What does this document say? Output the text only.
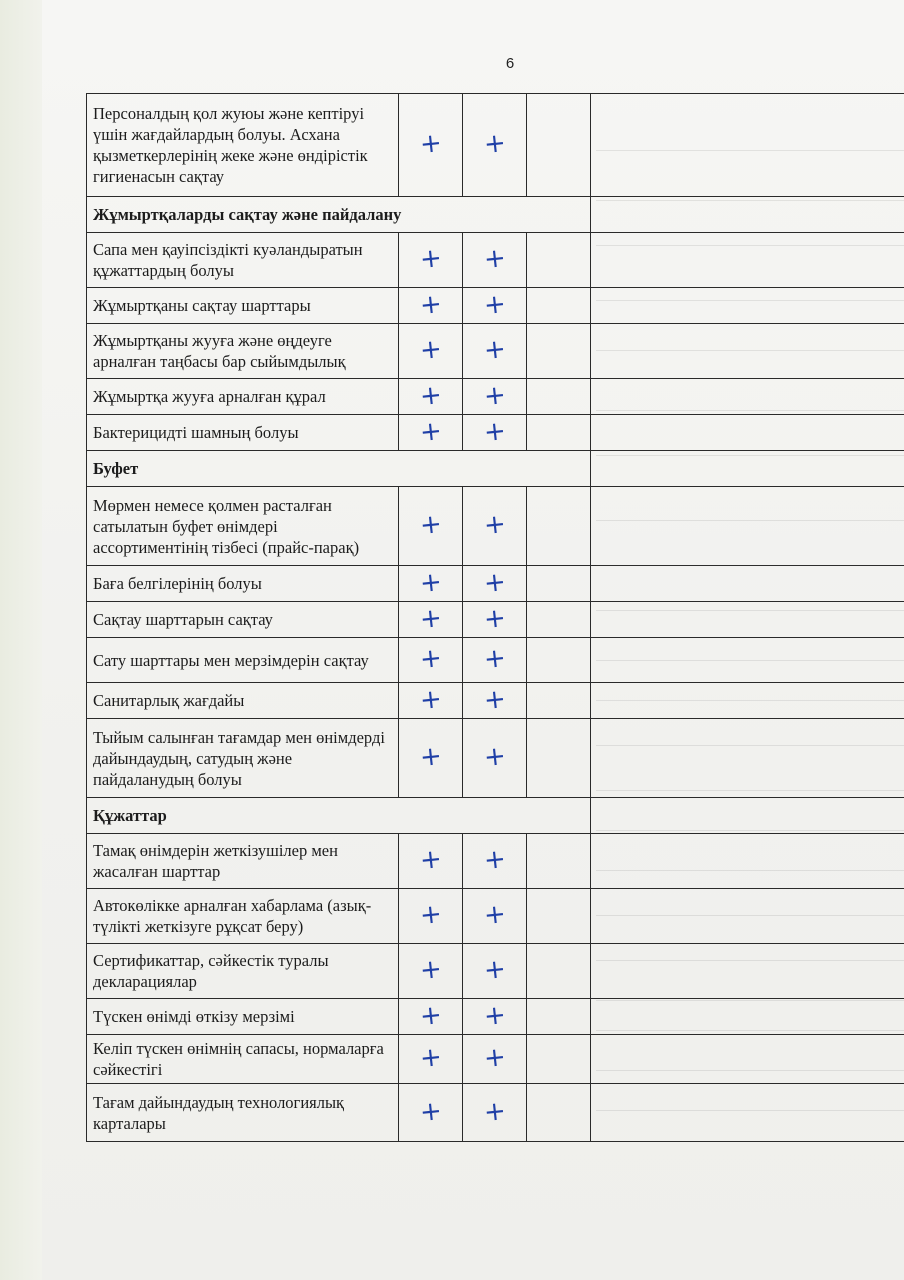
6
Персоналдың қол жуюы және кептіруі үшін жағдайлардың болуы. Асхана қызметкерлерінің жеке және өндірістік гигиенасын сақтау	+	+		
Жұмыртқаларды сақтау және пайдалану				
Сапа мен қауіпсіздікті куәландыратын құжаттардың болуы	+	+		
Жұмыртқаны сақтау шарттары	+	+		
Жұмыртқаны жууға және өңдеуге арналған таңбасы бар сыйымдылық	+	+		
Жұмыртқа жууға арналған құрал	+	+		
Бактерицидті шамның болуы	+	+		
Буфет				
Мөрмен немесе қолмен расталған сатылатын буфет өнімдері ассортиментінің тізбесі (прайс-парақ)	+	+		
Баға белгілерінің болуы	+	+		
Сақтау шарттарын сақтау	+	+		
Сату шарттары мен мерзімдерін сақтау	+	+		
Санитарлық жағдайы	+	+		
Тыйым салынған тағамдар мен өнімдерді дайындаудың, сатудың және пайдаланудың болуы	+	+		
Құжаттар				
Тамақ өнімдерін жеткізушілер мен жасалған шарттар	+	+		
Автокөлікке арналған хабарлама (азық-түлікті жеткізуге рұқсат беру)	+	+		
Сертификаттар, сәйкестік туралы декларациялар	+	+		
Түскен өнімді өткізу мерзімі	+	+		
Келіп түскен өнімнің сапасы, нормаларға сәйкестігі	+	+		
Тағам дайындаудың технологиялық карталары	+	+		
